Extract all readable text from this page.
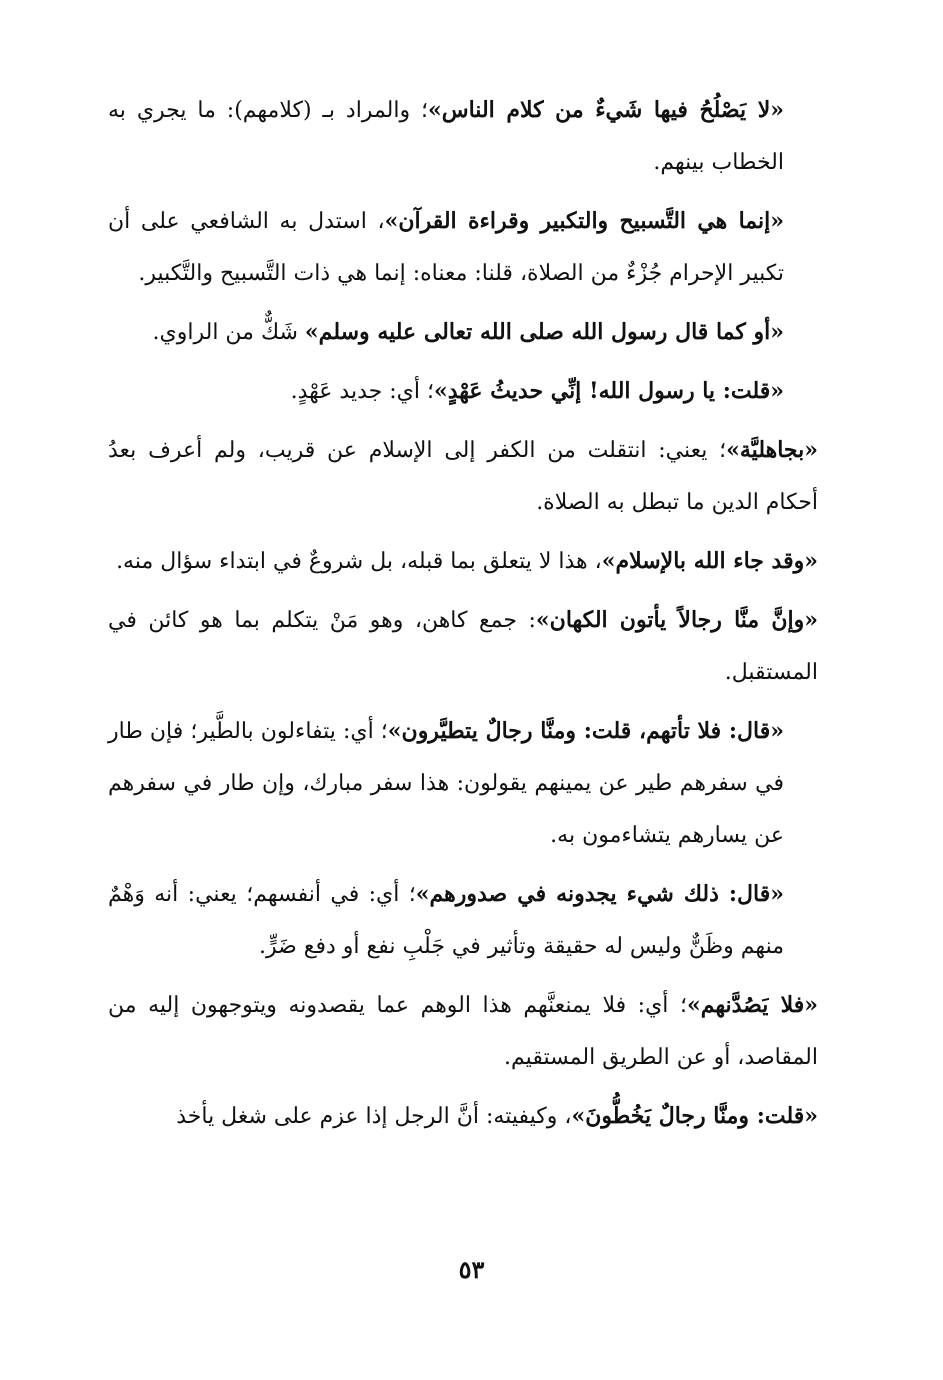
«لا يَصْلُحُ فيها شَيءٌ من كلام الناس»؛ والمراد بـ (كلامهم): ما يجري به الخطاب بينهم.

«إنما هي التَّسبيح والتكبير وقراءة القرآن»، استدل به الشافعي على أن تكبير الإحرام جُزْءٌ من الصلاة، قلنا: معناه: إنما هي ذات التَّسبيح والتَّكبير.

«أو كما قال رسول الله صلى الله تعالى عليه وسلم» شَكٌّ من الراوي.

«قلت: يا رسول الله! إنِّي حديثُ عَهْدٍ»؛ أي: جديد عَهْدٍ.

«بجاهليَّة»؛ يعني: انتقلت من الكفر إلى الإسلام عن قريب، ولم أعرف بعدُ أحكام الدين ما تبطل به الصلاة.

«وقد جاء الله بالإسلام»، هذا لا يتعلق بما قبله، بل شروعٌ في ابتداء سؤال منه.

«وإنَّ منَّا رجالاً يأتون الكهان»: جمع كاهن، وهو مَنْ يتكلم بما هو كائن في المستقبل.

«قال: فلا تأتهم، قلت: ومنَّا رجالٌ يتطيَّرون»؛ أي: يتفاءلون بالطَّير؛ فإن طار في سفرهم طير عن يمينهم يقولون: هذا سفر مبارك، وإن طار في سفرهم عن يسارهم يتشاءمون به.

«قال: ذلك شيء يجدونه في صدورهم»؛ أي: في أنفسهم؛ يعني: أنه وَهْمٌ منهم وظَنٌّ وليس له حقيقة وتأثير في جَلْبِ نفع أو دفع ضَرٍّ.

«فلا يَصُدَّنهم»؛ أي: فلا يمنعنَّهم هذا الوهم عما يقصدونه ويتوجهون إليه من المقاصد، أو عن الطريق المستقيم.

«قلت: ومنَّا رجالٌ يَخُطُّونَ»، وكيفيته: أنَّ الرجل إذا عزم على شغل يأخذ

٥٣
